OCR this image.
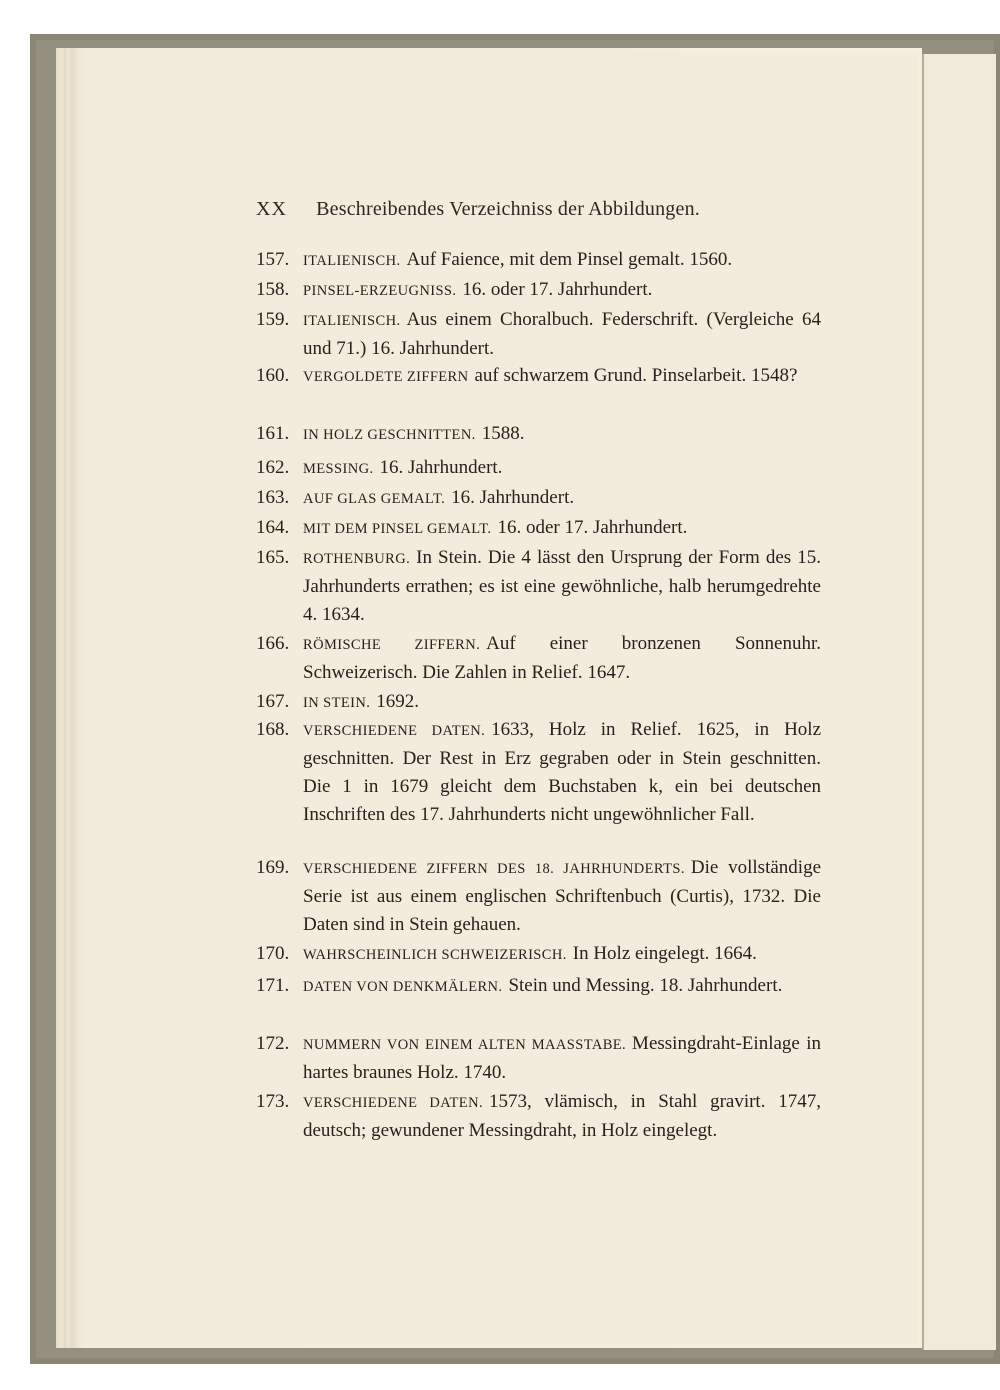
XX Beschreibendes Verzeichniss der Abbildungen.
157. ITALIENISCH. Auf Faience, mit dem Pinsel gemalt. 1560.
158. PINSEL-ERZEUGNISS. 16. oder 17. Jahrhundert.
159. ITALIENISCH. Aus einem Choralbuch. Federschrift. (Vergleiche 64 und 71.) 16. Jahrhundert.
160. VERGOLDETE ZIFFERN auf schwarzem Grund. Pinselarbeit. 1548?
161. IN HOLZ GESCHNITTEN. 1588.
162. MESSING. 16. Jahrhundert.
163. AUF GLAS GEMALT. 16. Jahrhundert.
164. MIT DEM PINSEL GEMALT. 16. oder 17. Jahrhundert.
165. ROTHENBURG. In Stein. Die 4 lässt den Ursprung der Form des 15. Jahrhunderts errathen; es ist eine gewöhnliche, halb herumgedrehte 4. 1634.
166. RÖMISCHE ZIFFERN. Auf einer bronzenen Sonnenuhr. Schweizerisch. Die Zahlen in Relief. 1647.
167. IN STEIN. 1692.
168. VERSCHIEDENE DATEN. 1633, Holz in Relief. 1625, in Holz geschnitten. Der Rest in Erz gegraben oder in Stein geschnitten. Die 1 in 1679 gleicht dem Buchstaben k, ein bei deutschen Inschriften des 17. Jahrhunderts nicht ungewöhnlicher Fall.
169. VERSCHIEDENE ZIFFERN DES 18. JAHRHUNDERTS. Die vollständige Serie ist aus einem englischen Schriftenbuch (Curtis), 1732. Die Daten sind in Stein gehauen.
170. WAHRSCHEINLICH SCHWEIZERISCH. In Holz eingelegt. 1664.
171. DATEN VON DENKMÄLERN. Stein und Messing. 18. Jahrhundert.
172. NUMMERN VON EINEM ALTEN MAASSTABE. Messingdraht-Einlage in hartes braunes Holz. 1740.
173. VERSCHIEDENE DATEN. 1573, vlämisch, in Stahl gravirt. 1747, deutsch; gewundener Messingdraht, in Holz eingelegt.
